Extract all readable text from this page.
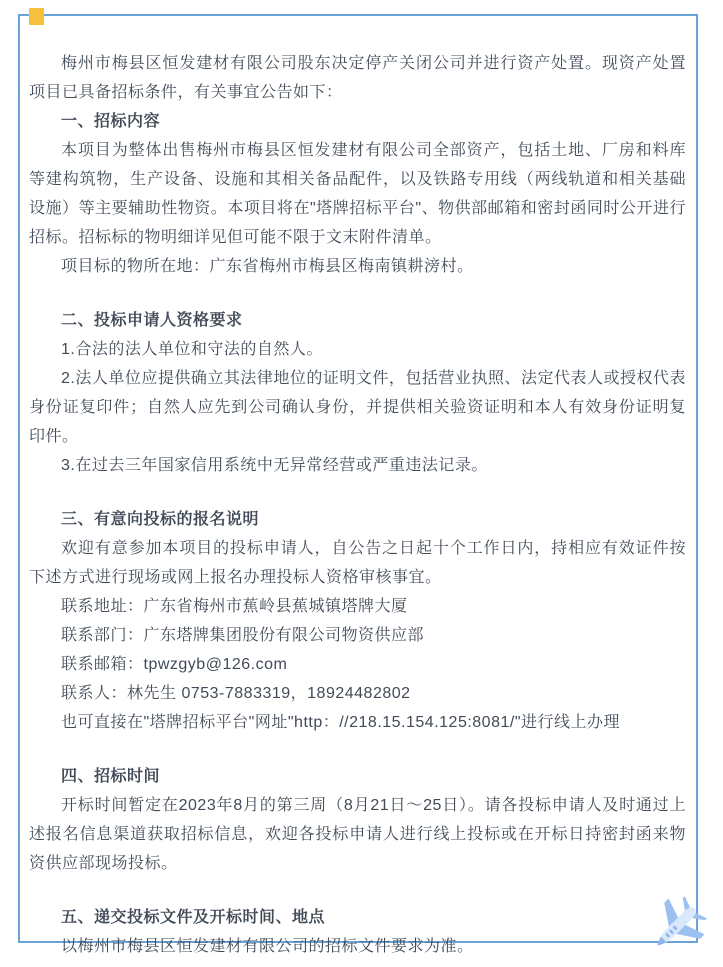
梅州市梅县区恒发建材有限公司股东决定停产关闭公司并进行资产处置。现资产处置项目已具备招标条件，有关事宜公告如下：

一、招标内容

本项目为整体出售梅州市梅县区恒发建材有限公司全部资产，包括土地、厂房和料库等建构筑物，生产设备、设施和其相关备品配件，以及铁路专用线（两线轨道和相关基础设施）等主要辅助性物资。本项目将在"塔牌招标平台"、物供部邮箱和密封函同时公开进行招标。招标标的物明细详见但可能不限于文末附件清单。

项目标的物所在地：广东省梅州市梅县区梅南镇耕滂村。

二、投标申请人资格要求

1.合法的法人单位和守法的自然人。

2.法人单位应提供确立其法律地位的证明文件，包括营业执照、法定代表人或授权代表身份证复印件；自然人应先到公司确认身份，并提供相关验资证明和本人有效身份证明复印件。

3.在过去三年国家信用系统中无异常经营或严重违法记录。

三、有意向投标的报名说明

欢迎有意参加本项目的投标申请人，自公告之日起十个工作日内，持相应有效证件按下述方式进行现场或网上报名办理投标人资格审核事宜。

联系地址：广东省梅州市蕉岭县蕉城镇塔牌大厦

联系部门：广东塔牌集团股份有限公司物资供应部

联系邮箱：tpwzgyb@126.com

联系人：林先生 0753-7883319，18924482802

也可直接在"塔牌招标平台"网址"http：//218.15.154.125:8081/"进行线上办理

四、招标时间

开标时间暂定在2023年8月的第三周（8月21日～25日）。请各投标申请人及时通过上述报名信息渠道获取招标信息，欢迎各投标申请人进行线上投标或在开标日持密封函来物资供应部现场投标。

五、递交投标文件及开标时间、地点

以梅州市梅县区恒发建材有限公司的招标文件要求为准。
